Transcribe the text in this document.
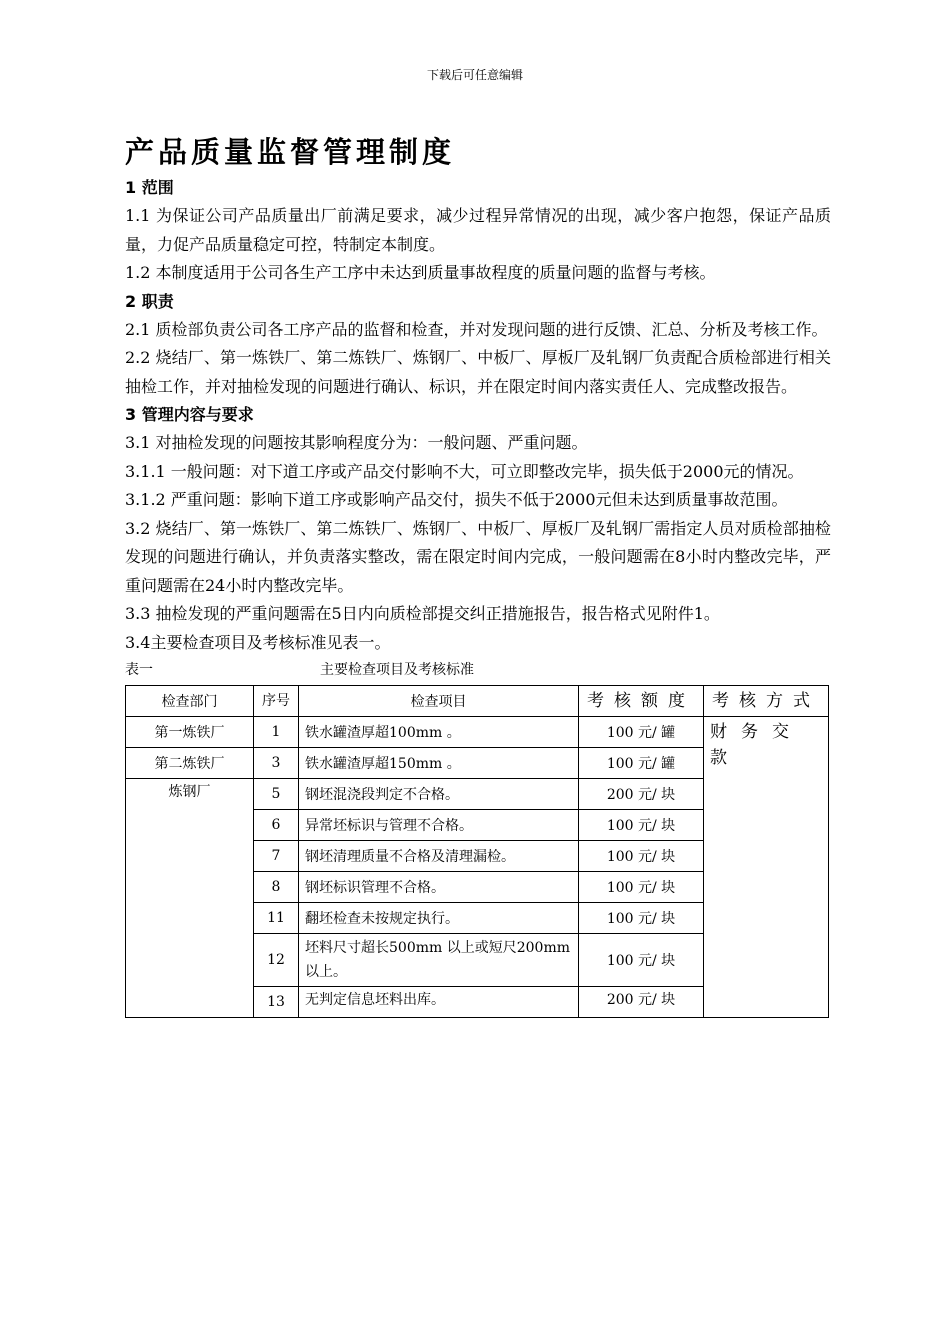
下载后可任意编辑
产品质量监督管理制度
1 范围
1.1 为保证公司产品质量出厂前满足要求，减少过程异常情况的出现，减少客户抱怨，保证产品质量，力促产品质量稳定可控，特制定本制度。
1.2 本制度适用于公司各生产工序中未达到质量事故程度的质量问题的监督与考核。
2 职责
2.1 质检部负责公司各工序产品的监督和检查，并对发现问题的进行反馈、汇总、分析及考核工作。
2.2 烧结厂、第一炼铁厂、第二炼铁厂、炼钢厂、中板厂、厚板厂及轧钢厂负责配合质检部进行相关抽检工作，并对抽检发现的问题进行确认、标识，并在限定时间内落实责任人、完成整改报告。
3 管理内容与要求
3.1 对抽检发现的问题按其影响程度分为：一般问题、严重问题。
3.1.1 一般问题：对下道工序或产品交付影响不大，可立即整改完毕，损失低于2000元的情况。
3.1.2 严重问题：影响下道工序或影响产品交付，损失不低于2000元但未达到质量事故范围。
3.2 烧结厂、第一炼铁厂、第二炼铁厂、炼钢厂、中板厂、厚板厂及轧钢厂需指定人员对质检部抽检发现的问题进行确认，并负责落实整改，需在限定时间内完成，一般问题需在8小时内整改完毕，严重问题需在24小时内整改完毕。
3.3 抽检发现的严重问题需在5日内向质检部提交纠正措施报告，报告格式见附件1。
3.4主要检查项目及考核标准见表一。
表一	主要检查项目及考核标准
检查部门	序号	检查项目	考核额度	考核方式
第一炼铁厂	1	铁水罐渣厚超100mm 。	100 元/ 罐	财务交款
第二炼铁厂	3	铁水罐渣厚超150mm 。	100 元/ 罐	
炼钢厂	5	钢坯混浇段判定不合格。	200 元/ 块	
	6	异常坯标识与管理不合格。	100 元/ 块	
	7	钢坯清理质量不合格及清理漏检。	100 元/ 块	
	8	钢坯标识管理不合格。	100 元/ 块	
	11	翻坯检查未按规定执行。	100 元/ 块	
	12	坯料尺寸超长500mm 以上或短尺200mm 以上。	100 元/ 块	
	13	无判定信息坯料出库。	200 元/ 块	
